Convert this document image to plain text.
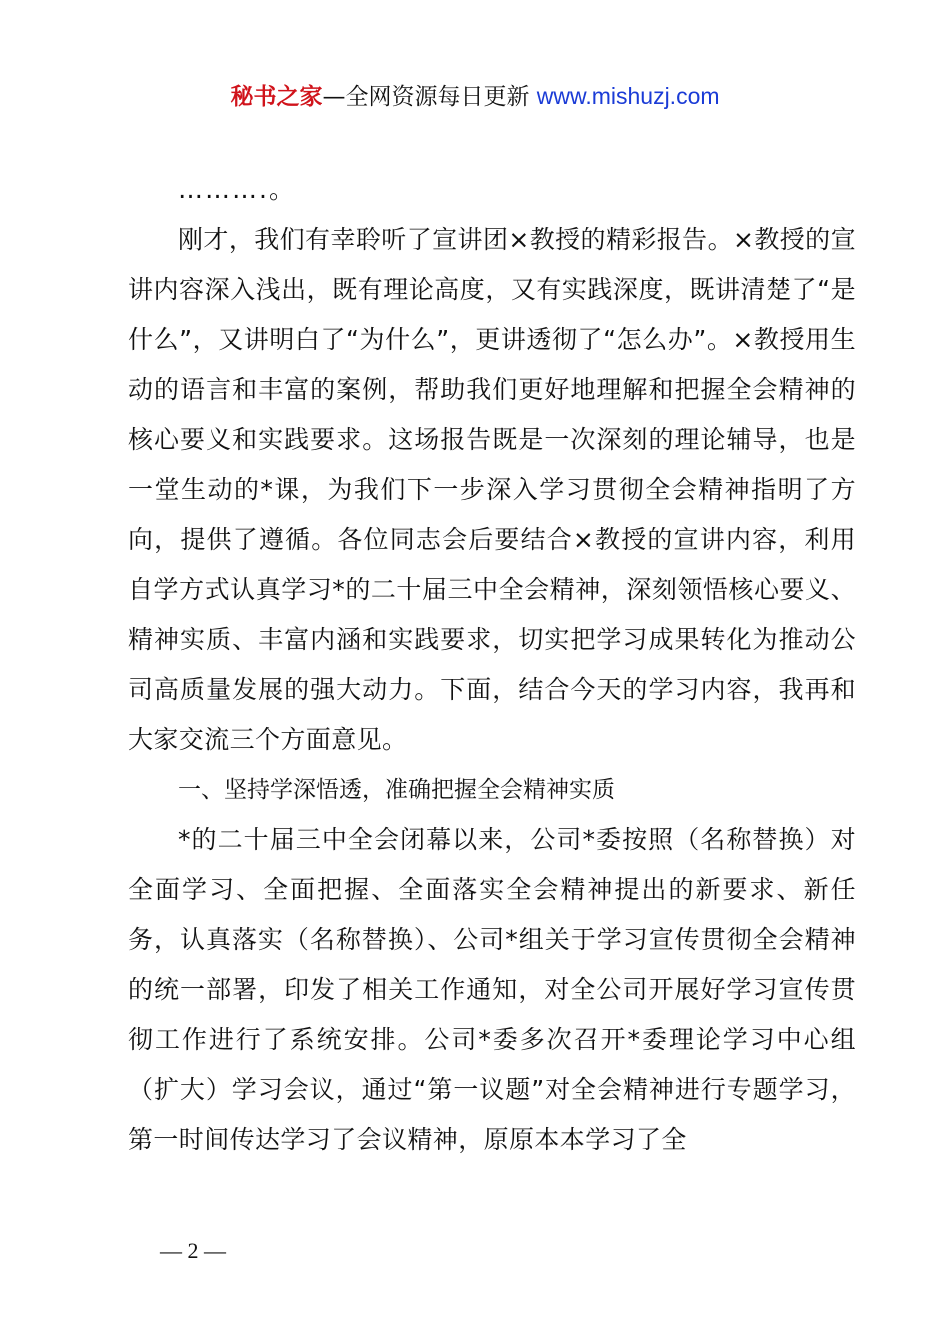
秘书之家—全网资源每日更新 www.mishuzj.com

……….。

刚才，我们有幸聆听了宣讲团×教授的精彩报告。×教授的宣讲内容深入浅出，既有理论高度，又有实践深度，既讲清楚了“是什么”，又讲明白了“为什么”，更讲透彻了“怎么办”。×教授用生动的语言和丰富的案例，帮助我们更好地理解和把握全会精神的核心要义和实践要求。这场报告既是一次深刻的理论辅导，也是一堂生动的*课，为我们下一步深入学习贯彻全会精神指明了方向，提供了遵循。各位同志会后要结合×教授的宣讲内容，利用自学方式认真学习*的二十届三中全会精神，深刻领悟核心要义、精神实质、丰富内涵和实践要求，切实把学习成果转化为推动公司高质量发展的强大动力。下面，结合今天的学习内容，我再和大家交流三个方面意见。

一、坚持学深悟透，准确把握全会精神实质

*的二十届三中全会闭幕以来，公司*委按照（名称替换）对全面学习、全面把握、全面落实全会精神提出的新要求、新任务，认真落实（名称替换）、公司*组关于学习宣传贯彻全会精神的统一部署，印发了相关工作通知，对全公司开展好学习宣传贯彻工作进行了系统安排。公司*委多次召开*委理论学习中心组（扩大）学习会议，通过“第一议题”对全会精神进行专题学习，第一时间传达学习了会议精神，原原本本学习了全

— 2 —
